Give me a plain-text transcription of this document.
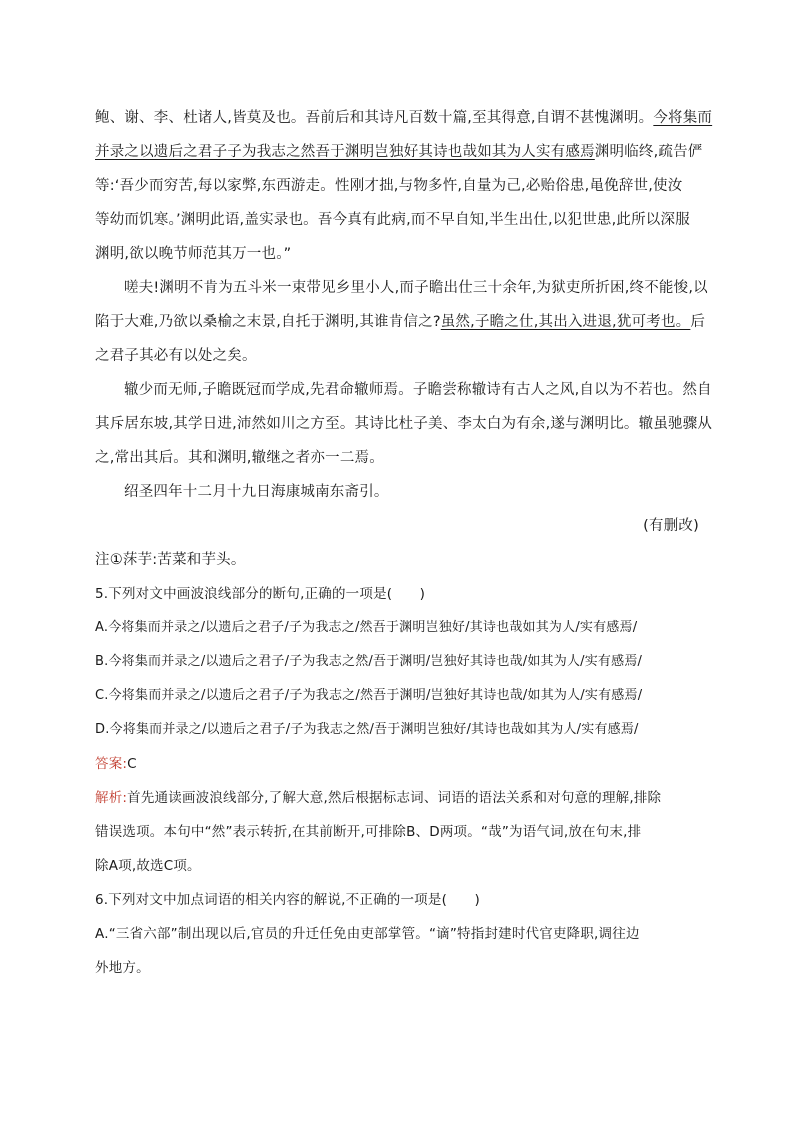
鲍、谢、李、杜诸人,皆莫及也。吾前后和其诗凡百数十篇,至其得意,自谓不甚愧渊明。今将集而
并录之以遗后之君子子为我志之然吾于渊明岂独好其诗也哉如其为人实有感焉渊明临终,疏告俨
等:‘吾少而穷苦,每以家弊,东西游走。性刚才拙,与物多忤,自量为己,必贻俗患,黾俛辞世,使汝
等幼而饥寒。’渊明此语,盖实录也。吾今真有此病,而不早自知,半生出仕,以犯世患,此所以深服
渊明,欲以晚节师范其万一也。”
嗟夫!渊明不肯为五斗米一束带见乡里小人,而子瞻出仕三十余年,为狱吏所折困,终不能悛,以
陷于大难,乃欲以桑榆之末景,自托于渊明,其谁肯信之?虽然,子瞻之仕,其出入进退,犹可考也。后
之君子其必有以处之矣。
辙少而无师,子瞻既冠而学成,先君命辙师焉。子瞻尝称辙诗有古人之风,自以为不若也。然自
其斥居东坡,其学日进,沛然如川之方至。其诗比杜子美、李太白为有余,遂与渊明比。辙虽驰骤从
之,常出其后。其和渊明,辙继之者亦一二焉。
绍圣四年十二月十九日海康城南东斋引。
(有删改)
注①莯芋:苦菜和芋头。
5.下列对文中画波浪线部分的断句,正确的一项是(　　)
A.今将集而并录之/以遗后之君子/子为我志之/然吾于渊明岂独好/其诗也哉如其为人/实有感焉/
B.今将集而并录之/以遗后之君子/子为我志之然/吾于渊明/岂独好其诗也哉/如其为人/实有感焉/
C.今将集而并录之/以遗后之君子/子为我志之/然吾于渊明/岂独好其诗也哉/如其为人/实有感焉/
D.今将集而并录之/以遗后之君子/子为我志之然/吾于渊明岂独好/其诗也哉如其为人/实有感焉/
答案:C
解析:首先通读画波浪线部分,了解大意,然后根据标志词、词语的语法关系和对句意的理解,排除
错误选项。本句中“然”表示转折,在其前断开,可排除B、D两项。“哉”为语气词,放在句末,排
除A项,故选C项。
6.下列对文中加点词语的相关内容的解说,不正确的一项是(　　)
A.“三省六部”制出现以后,官员的升迁任免由吏部掌管。“谪”特指封建时代官吏降职,调往边
外地方。
